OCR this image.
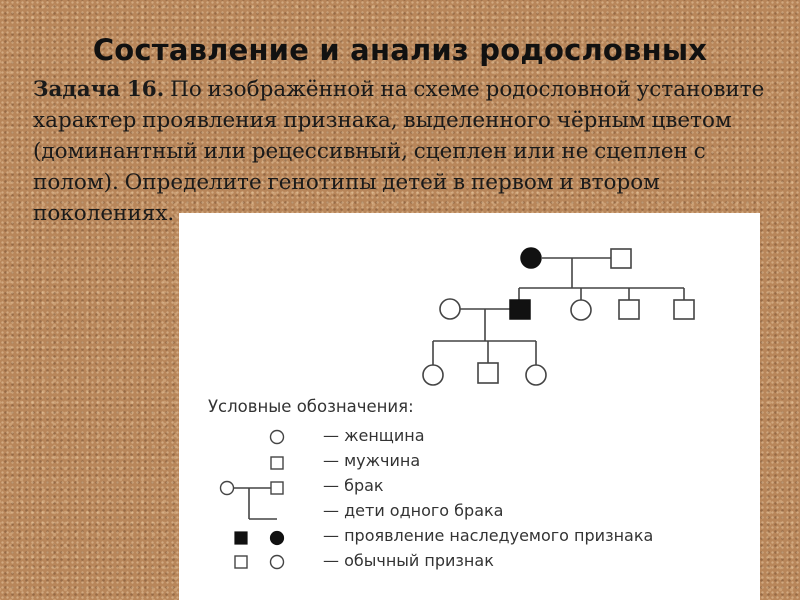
Составление и анализ родословных

Задача 16. По изображённой на схеме родословной установите характер проявления признака, выделенного чёрным цветом (доминантный или рецессивный, сцеплен или не сцеплен с полом). Определите генотипы детей в первом и втором поколениях.

Условные обозначения:
— женщина
— мужчина
— брак
— дети одного брака
— проявление наследуемого признака
— обычный признак
